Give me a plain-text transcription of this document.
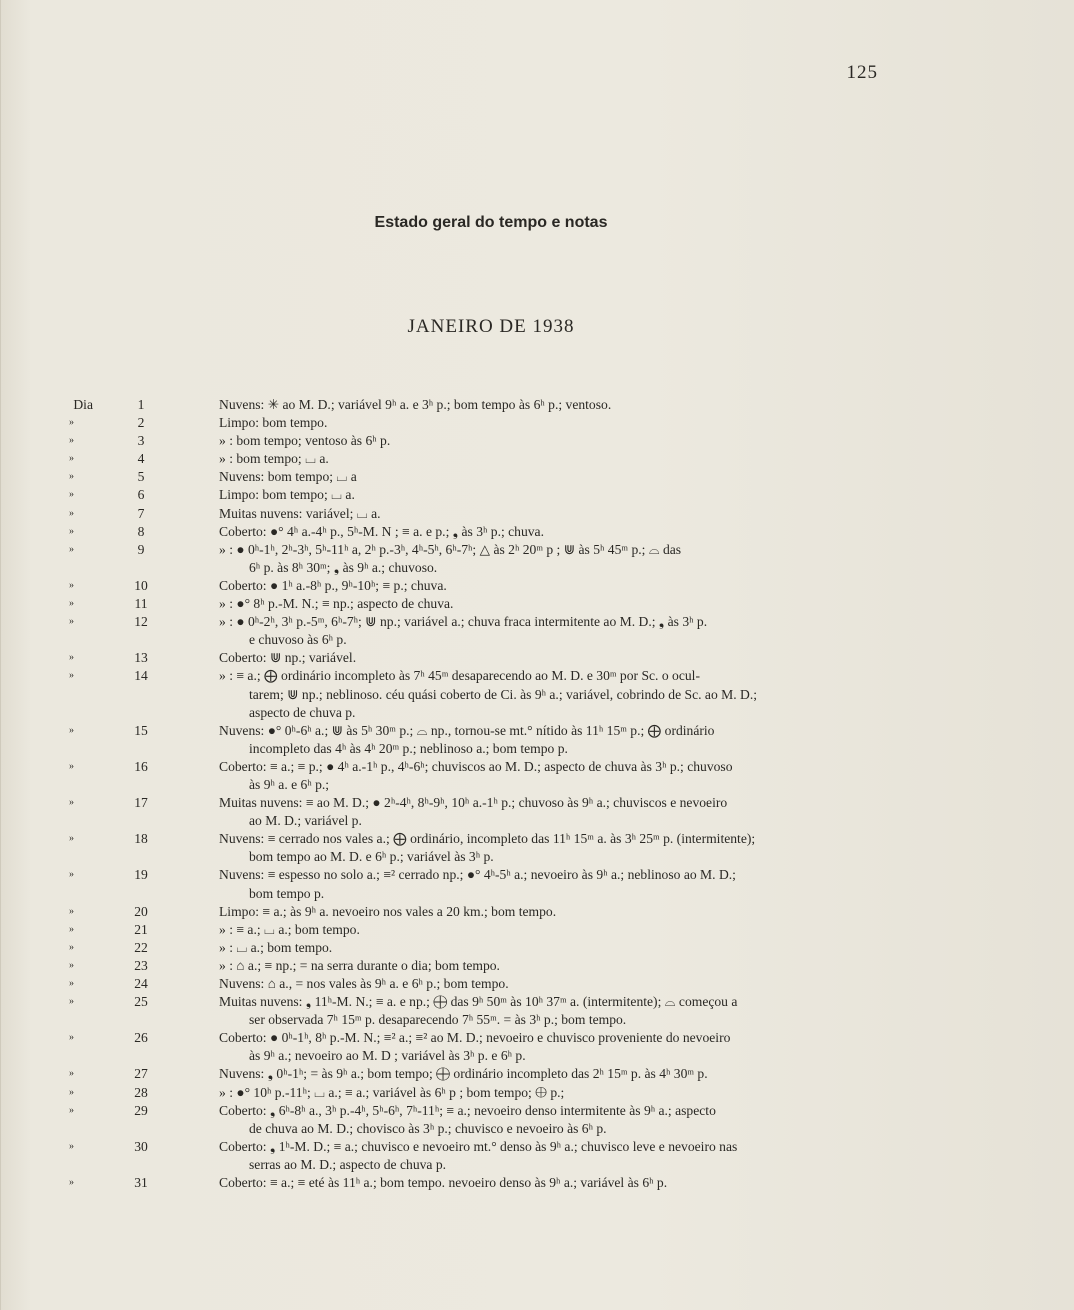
125
Estado geral do tempo e notas
JANEIRO DE 1938
Dia	1	Nuvens: ✳ ao M. D.; variável 9ʰ a. e 3ʰ p.; bom tempo às 6ʰ p.; ventoso.
»	2	Limpo: bom tempo.
»	3	» : bom tempo; ventoso às 6ʰ p.
»	4	» : bom tempo; ⌴ a.
»	5	Nuvens: bom tempo; ⌴ a
»	6	Limpo: bom tempo; ⌴ a.
»	7	Muitas nuvens: variável; ⌴ a.
»	8	Coberto: ●° 4ʰ a.-4ʰ p., 5ʰ-M. N ; ≡ a. e p.; ❟ às 3ʰ p.; chuva.
»	9	» : ● 0ʰ-1ʰ, 2ʰ-3ʰ, 5ʰ-11ʰ a, 2ʰ p.-3ʰ, 4ʰ-5ʰ, 6ʰ-7ʰ; △ às 2ʰ 20ᵐ p ; ⋓ às 5ʰ 45ᵐ p.; ⌓ das
6ʰ p. às 8ʰ 30ᵐ; ❟ às 9ʰ a.; chuvoso.
»	10	Coberto: ● 1ʰ a.-8ʰ p., 9ʰ-10ʰ; ≡ p.; chuva.
»	11	» : ●° 8ʰ p.-M. N.; ≡ np.; aspecto de chuva.
»	12	» : ● 0ʰ-2ʰ, 3ʰ p.-5ᵐ, 6ʰ-7ʰ; ⋓ np.; variável a.; chuva fraca intermitente ao M. D.; ❟ às 3ʰ p.
e chuvoso às 6ʰ p.
»	13	Coberto: ⋓ np.; variável.
»	14	» : ≡ a.; ⨁ ordinário incompleto às 7ʰ 45ᵐ desaparecendo ao M. D. e 30ᵐ por Sc. o ocul-
tarem; ⋓ np.; neblinoso. céu quási coberto de Ci. às 9ʰ a.; variável, cobrindo de Sc. ao M. D.;
aspecto de chuva p.
»	15	Nuvens: ●° 0ʰ-6ʰ a.; ⋓ às 5ʰ 30ᵐ p.; ⌓ np., tornou-se mt.° nítido às 11ʰ 15ᵐ p.; ⨁ ordinário
incompleto das 4ʰ às 4ʰ 20ᵐ p.; neblinoso a.; bom tempo p.
»	16	Coberto: ≡ a.; ≡ p.; ● 4ʰ a.-1ʰ p., 4ʰ-6ʰ; chuviscos ao M. D.; aspecto de chuva às 3ʰ p.; chuvoso
às 9ʰ a. e 6ʰ p.;
»	17	Muitas nuvens: ≡ ao M. D.; ● 2ʰ-4ʰ, 8ʰ-9ʰ, 10ʰ a.-1ʰ p.; chuvoso às 9ʰ a.; chuviscos e nevoeiro
ao M. D.; variável p.
»	18	Nuvens: ≡ cerrado nos vales a.; ⨁ ordinário, incompleto das 11ʰ 15ᵐ a. às 3ʰ 25ᵐ p. (intermitente);
bom tempo ao M. D. e 6ʰ p.; variável às 3ʰ p.
»	19	Nuvens: ≡ espesso no solo a.; ≡² cerrado np.; ●° 4ʰ-5ʰ a.; nevoeiro às 9ʰ a.; neblinoso ao M. D.;
bom tempo p.
»	20	Limpo: ≡ a.; às 9ʰ a. nevoeiro nos vales a 20 km.; bom tempo.
»	21	» : ≡ a.; ⌴ a.; bom tempo.
»	22	» : ⌴ a.; bom tempo.
»	23	» : ⌂ a.; ≡ np.; = na serra durante o dia; bom tempo.
»	24	Nuvens: ⌂ a., = nos vales às 9ʰ a. e 6ʰ p.; bom tempo.
»	25	Muitas nuvens: ❟ 11ʰ-M. N.; ≡ a. e np.; ⨁ das 9ʰ 50ᵐ às 10ʰ 37ᵐ a. (intermitente); ⌓ começou a
ser observada 7ʰ 15ᵐ p. desaparecendo 7ʰ 55ᵐ. = às 3ʰ p.; bom tempo.
»	26	Coberto: ● 0ʰ-1ʰ, 8ʰ p.-M. N.; ≡² a.; ≡² ao M. D.; nevoeiro e chuvisco proveniente do nevoeiro
às 9ʰ a.; nevoeiro ao M. D ; variável às 3ʰ p. e 6ʰ p.
»	27	Nuvens: ❟ 0ʰ-1ʰ; = às 9ʰ a.; bom tempo; ⨁ ordinário incompleto das 2ʰ 15ᵐ p. às 4ʰ 30ᵐ p.
»	28	» : ●° 10ʰ p.-11ʰ; ⌴ a.; ≡ a.; variável às 6ʰ p ; bom tempo; ⨁ p.;
»	29	Coberto: ❟ 6ʰ-8ʰ a., 3ʰ p.-4ʰ, 5ʰ-6ʰ, 7ʰ-11ʰ; ≡ a.; nevoeiro denso intermitente às 9ʰ a.; aspecto
de chuva ao M. D.; chovisco às 3ʰ p.; chuvisco e nevoeiro às 6ʰ p.
»	30	Coberto: ❟ 1ʰ-M. D.; ≡ a.; chuvisco e nevoeiro mt.° denso às 9ʰ a.; chuvisco leve e nevoeiro nas
serras ao M. D.; aspecto de chuva p.
»	31	Coberto: ≡ a.; ≡ eté às 11ʰ a.; bom tempo. nevoeiro denso às 9ʰ a.; variável às 6ʰ p.
